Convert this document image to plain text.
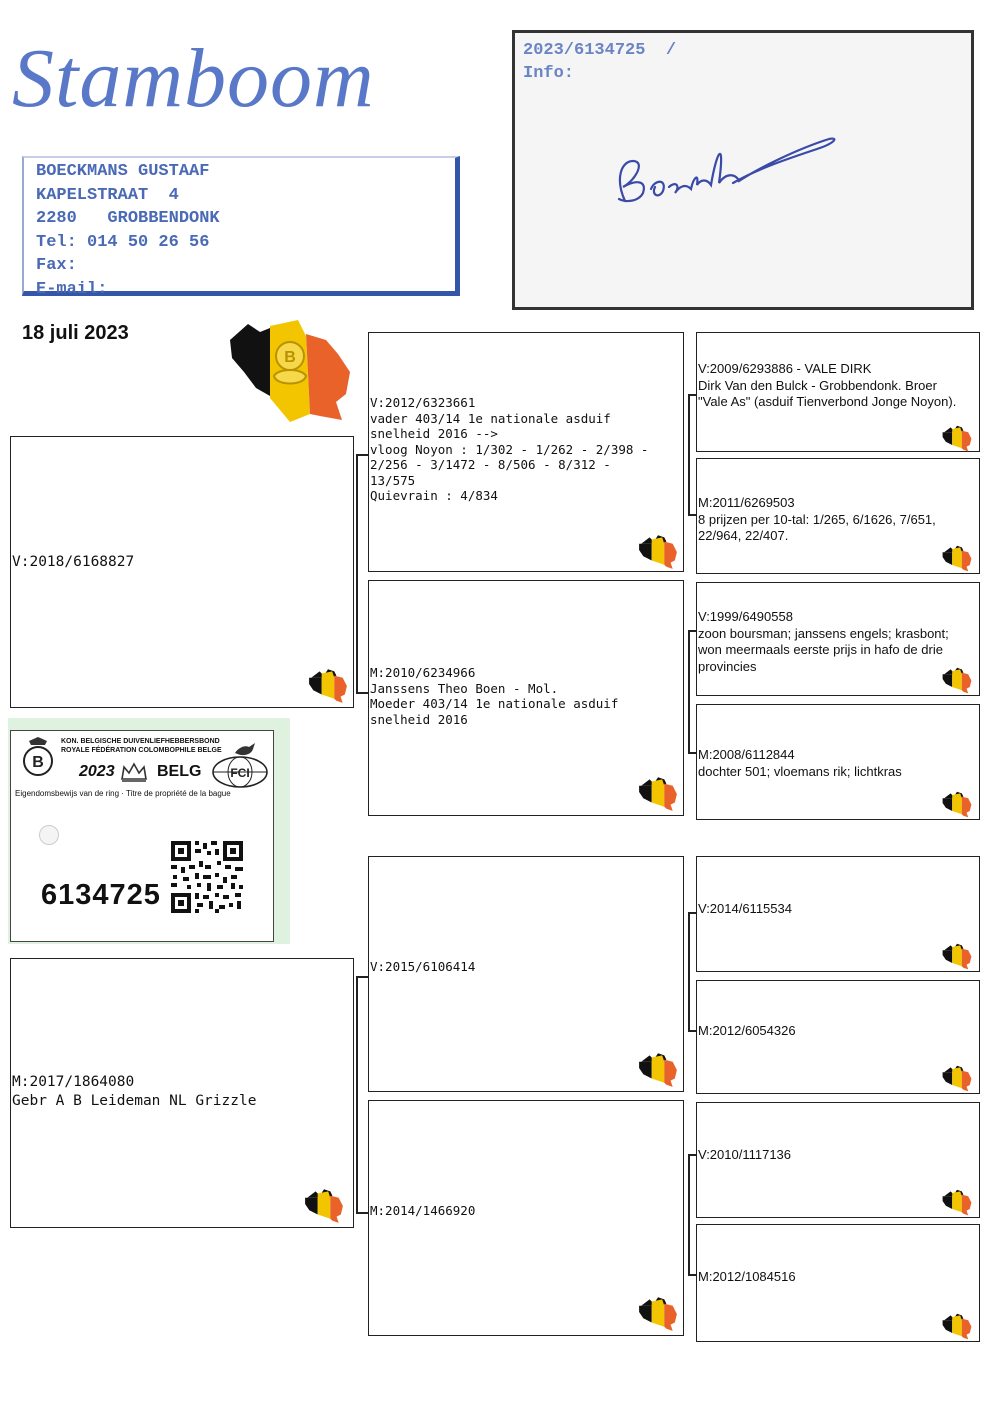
Stamboom
BOECKMANS GUSTAAF
KAPELSTRAAT  4
2280   GROBBENDONK
Tel: 014 50 26 56
Fax:
E-mail:
2023/6134725  /
Info:
18 juli 2023
B
V:2018/6168827
M:2017/1864080
Gebr A B Leideman NL Grizzle
V:2012/6323661
vader 403/14 1e nationale asduif
snelheid 2016 -->
vloog Noyon : 1/302 - 1/262 - 2/398 -
2/256 - 3/1472 - 8/506 - 8/312 -
13/575
Quievrain : 4/834
M:2010/6234966
Janssens Theo Boen - Mol.
Moeder 403/14 1e nationale asduif
snelheid 2016
V:2015/6106414
M:2014/1466920
V:2009/6293886 - VALE DIRK
Dirk Van den Bulck - Grobbendonk. Broer
"Vale As" (asduif Tienverbond Jonge Noyon).
M:2011/6269503
8 prijzen per 10-tal: 1/265, 6/1626, 7/651,
22/964, 22/407.
V:1999/6490558
zoon boursman; janssens engels; krasbont;
won meermaals eerste prijs in hafo de drie
provincies
M:2008/6112844
dochter 501; vloemans rik; lichtkras
V:2014/6115534
M:2012/6054326
V:2010/1117136
M:2012/1084516
B
KON. BELGISCHE DUIVENLIEFHEBBERSBOND
ROYALE FÉDÉRATION COLOMBOPHILE BELGE
2023	BELG FCI
Eigendomsbewijs van de ring · Titre de propriété de la bague
6134725
